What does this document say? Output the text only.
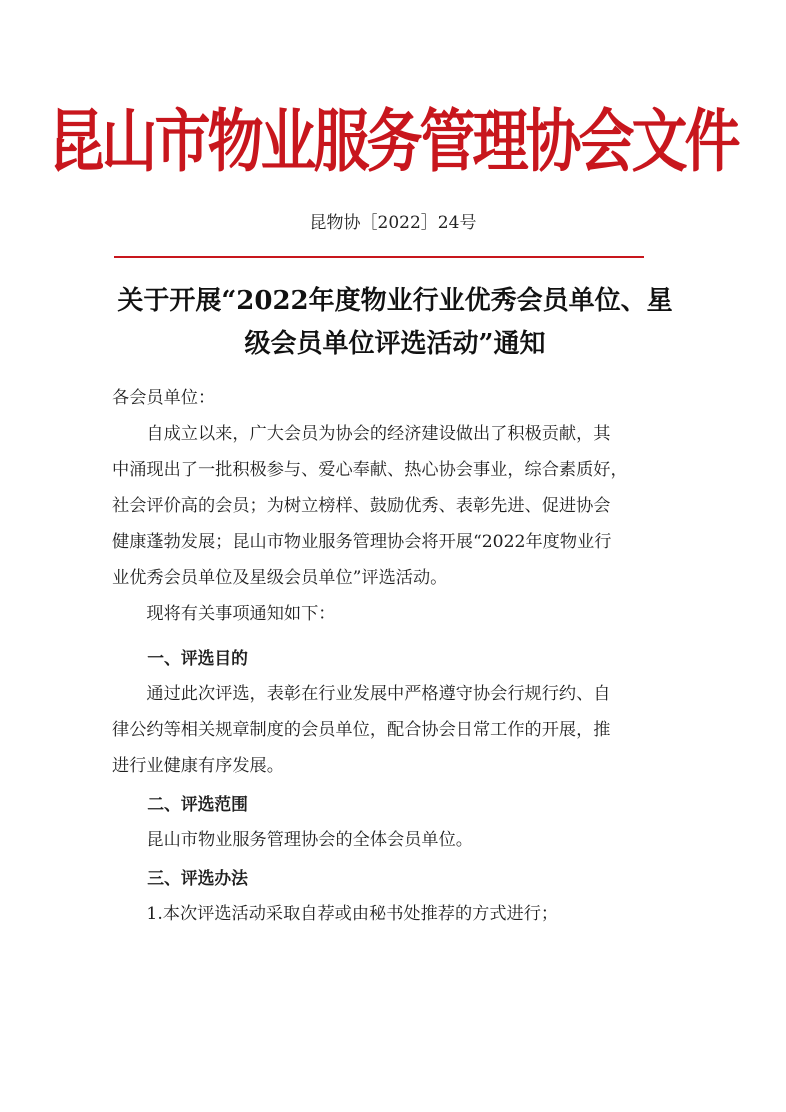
昆山市物业服务管理协会文件
昆物协［2022］24号
关于开展“2022年度物业行业优秀会员单位、星
级会员单位评选活动”通知

各会员单位：

自成立以来，广大会员为协会的经济建设做出了积极贡献，其
中涌现出了一批积极参与、爱心奉献、热心协会事业，综合素质好，
社会评价高的会员；为树立榜样、鼓励优秀、表彰先进、促进协会
健康蓬勃发展；昆山市物业服务管理协会将开展“2022年度物业行
业优秀会员单位及星级会员单位”评选活动。

现将有关事项通知如下：

一、评选目的

通过此次评选，表彰在行业发展中严格遵守协会行规行约、自
律公约等相关规章制度的会员单位，配合协会日常工作的开展，推
进行业健康有序发展。

二、评选范围

昆山市物业服务管理协会的全体会员单位。

三、评选办法

1.本次评选活动采取自荐或由秘书处推荐的方式进行；
